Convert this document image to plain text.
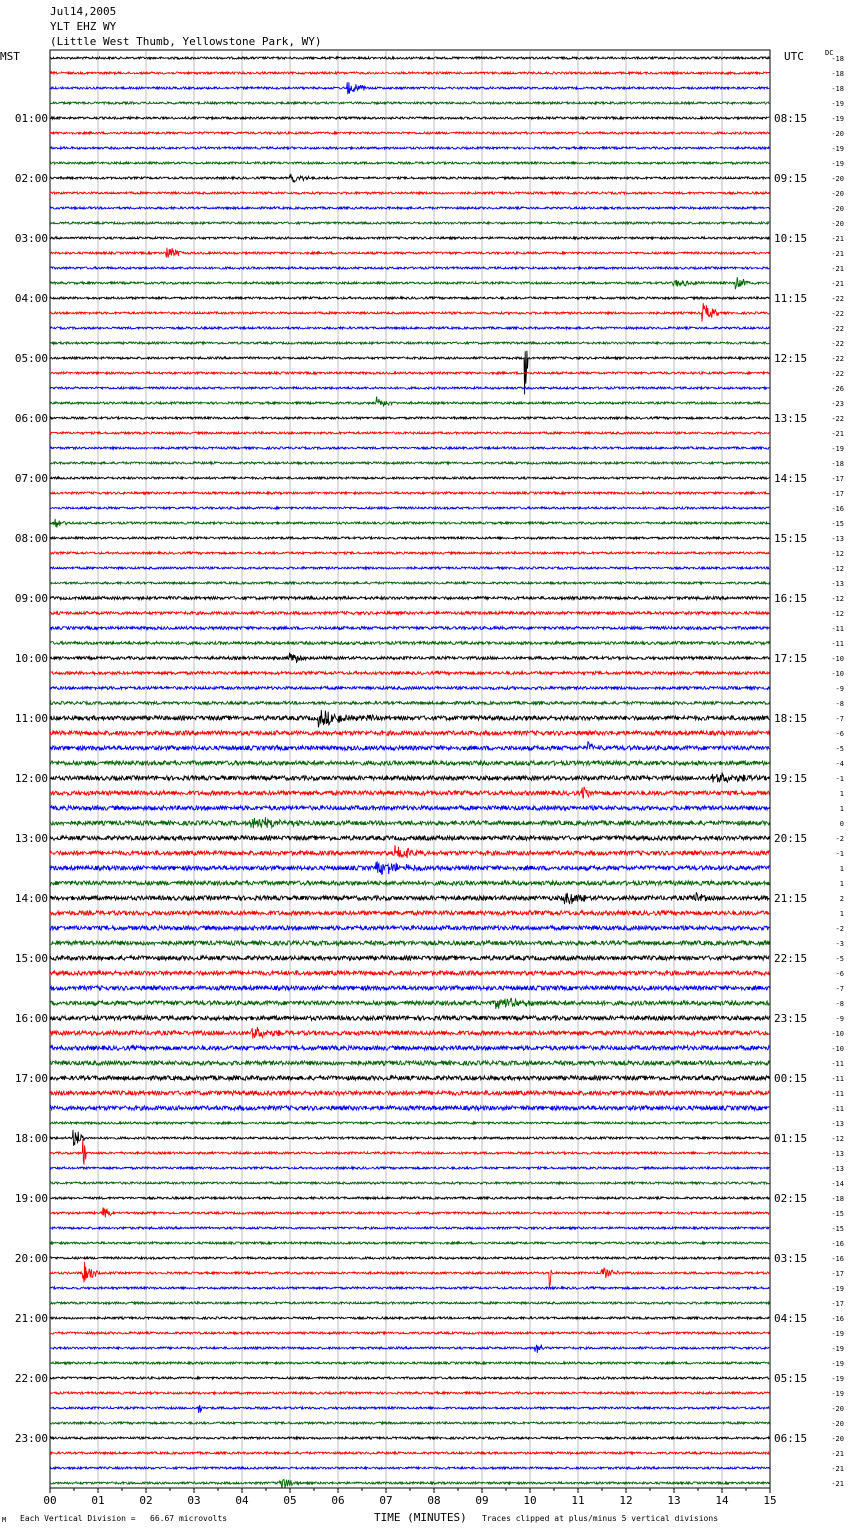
Jul14,2005
YLT EHZ WY
(Little West Thumb, Yellowstone Park, WY)
MST	UTC	DC
00	01	02	03	04	05	06	07	08	09	10	11	12	13	14	15
-18
-18
-18
-19
-19
-20
-19
-19
-20
-20
-20
-20
-21
-21
-21
-21
-22
-22
-22
-22
-22
-22
-26
-23
-22
-21
-19
-18
-17
-17
-16
-15
-13
-12
-12
-13
-12
-12
-11
-11
-10
-10
-9
-8
-7
-6
-5
-4
-1
1
1
0
-2
-1
1
1
2
1
-2
-3
-5
-6
-7
-8
-9
-10
-10
-11
-11
-11
-11
-13
-12
-13
-13
-14
-18
-15
-15
-16
-16
-17
-19
-17
-16
-19
-19
-19
-19
-19
-20
-20
-20
-21
-21
-21
01:00
02:00
03:00
04:00
05:00
06:00
07:00
08:00
09:00
10:00
11:00
12:00
13:00
14:00
15:00
16:00
17:00
18:00
19:00
20:00
21:00
22:00
23:00
08:15
09:15
10:15
11:15
12:15
13:15
14:15
15:15
16:15
17:15
18:15
19:15
20:15
21:15
22:15
23:15
00:15
01:15
02:15
03:15
04:15
05:15
06:15
M Each Vertical Division =   66.67 microvolts	TIME (MINUTES) Traces clipped at plus/minus 5 vertical divisions
